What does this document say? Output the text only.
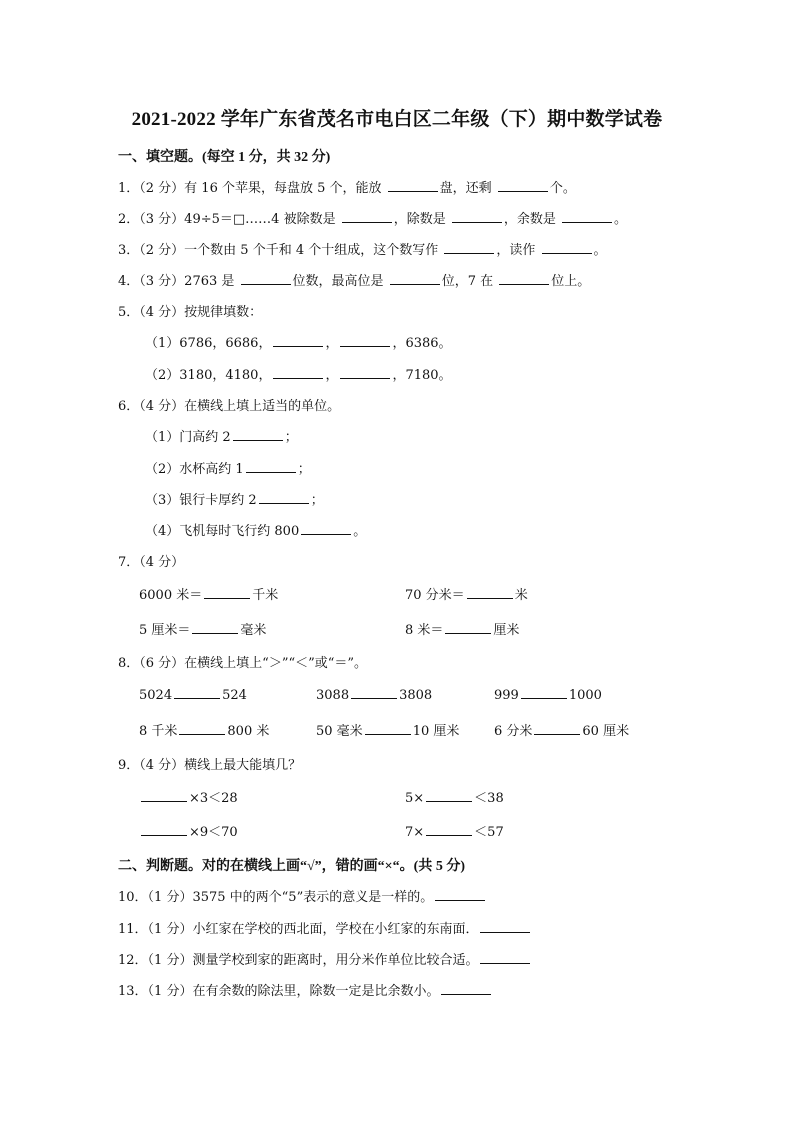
2021-2022 学年广东省茂名市电白区二年级（下）期中数学试卷
一、填空题。(每空 1 分，共 32 分)
1．（2 分）有 16 个苹果，每盘放 5 个，能放	盘，还剩	个。
2．（3 分）49÷5＝□……4 被除数是	，除数是	，余数是	。
3．（2 分）一个数由 5 个千和 4 个十组成，这个数写作	，读作	。
4．（3 分）2763 是	位数，最高位是	位，7 在	位上。
5．（4 分）按规律填数：
（1）6786，6686，	，	，6386。
（2）3180，4180，	，	，7180。
6．（4 分）在横线上填上适当的单位。
（1）门高约 2	；
（2）水杯高约 1	；
（3）银行卡厚约 2	；
（4）飞机每时飞行约 800	。
7．（4 分）
6000 米＝	千米	70 分米＝	米
5 厘米＝	毫米	8 米＝	厘米
8．（6 分）在横线上填上“＞”“＜”或“＝”。
5024	524	3088	3808	999	1000
8 千米	800 米	50 毫米	10 厘米	6 分米	60 厘米
9．（4 分）横线上最大能填几？
×3＜28	5×	＜38
×9＜70	7×	＜57
二、判断题。对的在横线上画“√”，错的画“×“。(共 5 分)
10．（1 分）3575 中的两个“5”表示的意义是一样的。
11．（1 分）小红家在学校的西北面，学校在小红家的东南面．
12．（1 分）测量学校到家的距离时，用分米作单位比较合适。
13．（1 分）在有余数的除法里，除数一定是比余数小。
